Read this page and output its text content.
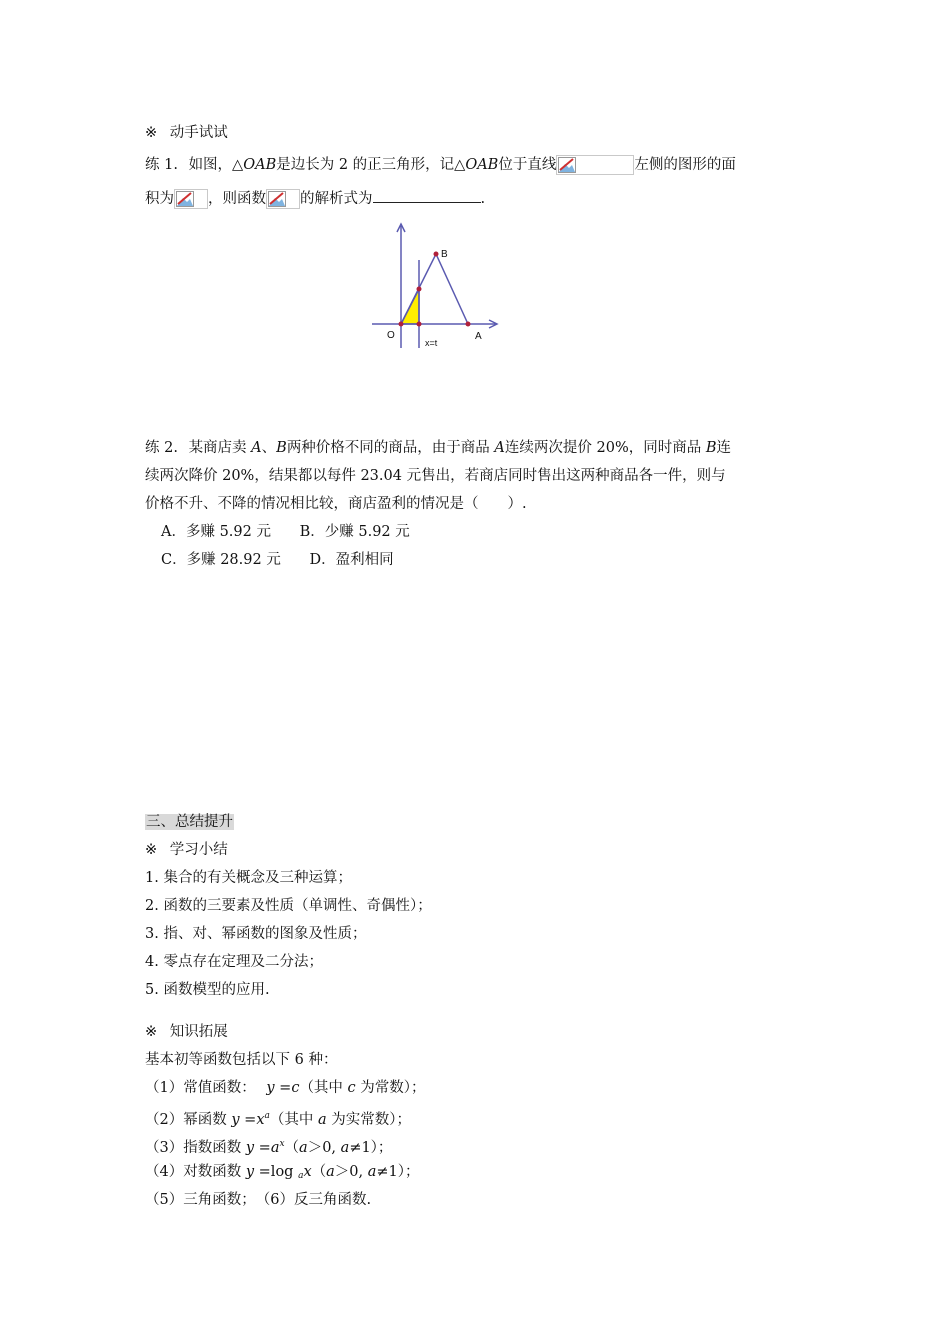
※ 动手试试
练 1. 如图，△OAB是边长为 2 的正三角形，记△OAB位于直线	左侧的图形的面
积为 ，则函数 的解析式为	.
B
O	A
x=t
练 2. 某商店卖 A、B两种价格不同的商品，由于商品 A连续两次提价 20%，同时商品 B连
续两次降价 20%，结果都以每件 23.04 元售出，若商店同时售出这两种商品各一件，则与
价格不升、不降的情况相比较，商店盈利的情况是（　　）.
A．多赚 5.92 元 B．少赚 5.92 元
C．多赚 28.92 元 D．盈利相同
三、总结提升
※ 学习小结
1. 集合的有关概念及三种运算；
2. 函数的三要素及性质（单调性、奇偶性）；
3. 指、对、幂函数的图象及性质；
4. 零点存在定理及二分法；
5. 函数模型的应用.
※ 知识拓展
基本初等函数包括以下 6 种：
（1）常值函数： y =c（其中 c 为常数）；
（2）幂函数 $y =x^a$（其中 a 为实常数）；
（3）指数函数 $y =a^x(a>0$, a≠1）；
（4）对数函数 y =log $_a$x（a＞0, a≠1）；
（5）三角函数；　（6）反三角函数.
